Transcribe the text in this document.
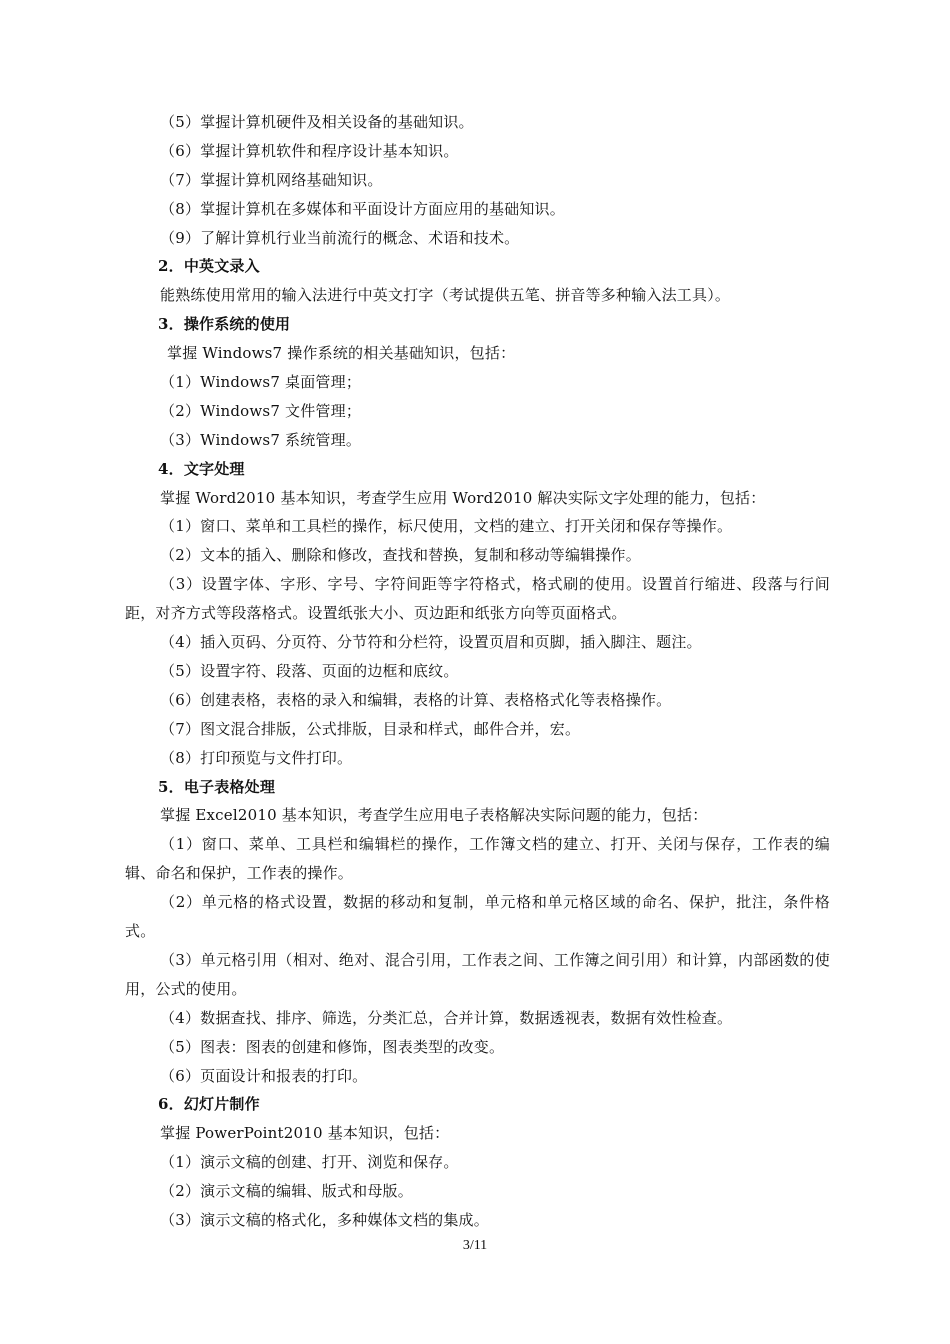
（5）掌握计算机硬件及相关设备的基础知识。
（6）掌握计算机软件和程序设计基本知识。
（7）掌握计算机网络基础知识。
（8）掌握计算机在多媒体和平面设计方面应用的基础知识。
（9）了解计算机行业当前流行的概念、术语和技术。
2．中英文录入
能熟练使用常用的输入法进行中英文打字（考试提供五笔、拼音等多种输入法工具）。
3．操作系统的使用
掌握 Windows7 操作系统的相关基础知识，包括：
（1）Windows7 桌面管理；
（2）Windows7 文件管理；
（3）Windows7 系统管理。
4．文字处理
掌握 Word2010 基本知识，考查学生应用 Word2010 解决实际文字处理的能力，包括：
（1）窗口、菜单和工具栏的操作，标尺使用，文档的建立、打开关闭和保存等操作。
（2）文本的插入、删除和修改，查找和替换，复制和移动等编辑操作。
（3）设置字体、字形、字号、字符间距等字符格式，格式刷的使用。设置首行缩进、段落与行间距，对齐方式等段落格式。设置纸张大小、页边距和纸张方向等页面格式。
（4）插入页码、分页符、分节符和分栏符，设置页眉和页脚，插入脚注、题注。
（5）设置字符、段落、页面的边框和底纹。
（6）创建表格，表格的录入和编辑，表格的计算、表格格式化等表格操作。
（7）图文混合排版，公式排版，目录和样式，邮件合并，宏。
（8）打印预览与文件打印。
5．电子表格处理
掌握 Excel2010 基本知识，考查学生应用电子表格解决实际问题的能力，包括：
（1）窗口、菜单、工具栏和编辑栏的操作，工作簿文档的建立、打开、关闭与保存，工作表的编辑、命名和保护，工作表的操作。
（2）单元格的格式设置，数据的移动和复制，单元格和单元格区域的命名、保护，批注，条件格式。
（3）单元格引用（相对、绝对、混合引用，工作表之间、工作簿之间引用）和计算，内部函数的使用，公式的使用。
（4）数据查找、排序、筛选，分类汇总，合并计算，数据透视表，数据有效性检查。
（5）图表：图表的创建和修饰，图表类型的改变。
（6）页面设计和报表的打印。
6．幻灯片制作
掌握 PowerPoint2010 基本知识，包括：
（1）演示文稿的创建、打开、浏览和保存。
（2）演示文稿的编辑、版式和母版。
（3）演示文稿的格式化，多种媒体文档的集成。
3/11
